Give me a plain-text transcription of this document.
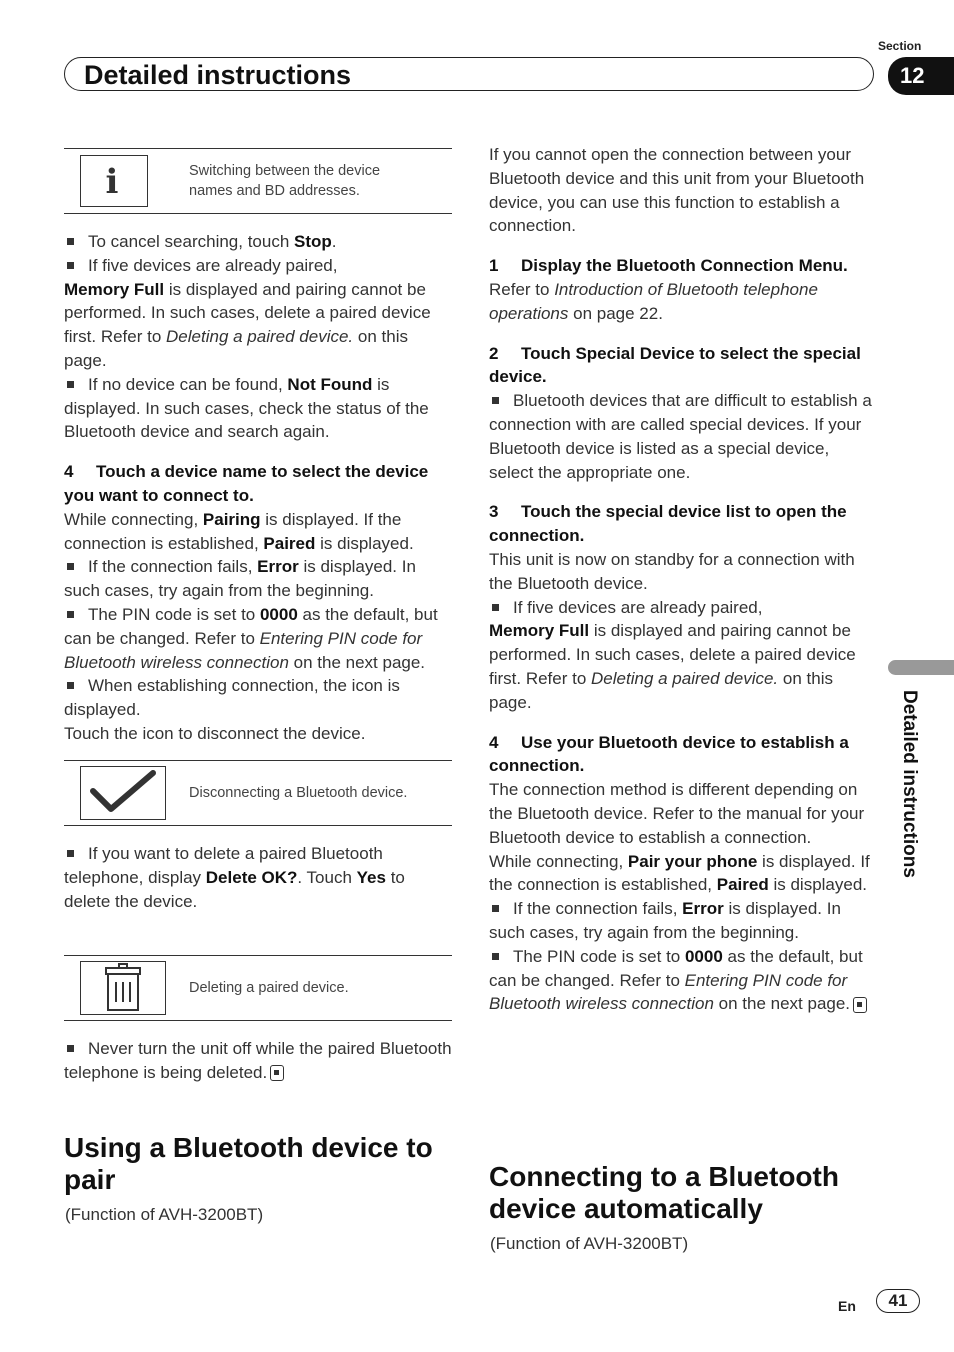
Detailed instructions
Section
12
Detailed instructions
i	Switching between the device names and BD addresses.

To cancel searching, touch Stop.

If five devices are already paired,

Memory Full is displayed and pairing cannot be performed. In such cases, delete a paired device first. Refer to Deleting a paired device. on this page.

If no device can be found, Not Found is displayed. In such cases, check the status of the Bluetooth device and search again.

4 Touch a device name to select the device you want to connect to.

While connecting, Pairing is displayed. If the connection is established, Paired is displayed.

If the connection fails, Error is displayed. In such cases, try again from the beginning.

The PIN code is set to 0000 as the default, but can be changed. Refer to Entering PIN code for Bluetooth wireless connection on the next page.

When establishing connection, the icon is displayed.

Touch the icon to disconnect the device.

Disconnecting a Bluetooth device.

If you want to delete a paired Bluetooth telephone, display Delete OK?. Touch Yes to delete the device.

Deleting a paired device.

Never turn the unit off while the paired Bluetooth telephone is being deleted.

Using a Bluetooth device to pair
(Function of AVH-3200BT)

If you cannot open the connection between your Bluetooth device and this unit from your Bluetooth device, you can use this function to establish a connection.

1 Display the Bluetooth Connection Menu.

Refer to Introduction of Bluetooth telephone operations on page 22.

2 Touch Special Device to select the special device.

Bluetooth devices that are difficult to establish a connection with are called special devices. If your Bluetooth device is listed as a special device, select the appropriate one.

3 Touch the special device list to open the connection.

This unit is now on standby for a connection with the Bluetooth device.

If five devices are already paired,

Memory Full is displayed and pairing cannot be performed. In such cases, delete a paired device first. Refer to Deleting a paired device. on this page.

4 Use your Bluetooth device to establish a connection.

The connection method is different depending on the Bluetooth device. Refer to the manual for your Bluetooth device to establish a connection.

While connecting, Pair your phone is displayed. If the connection is established, Paired is displayed.

If the connection fails, Error is displayed. In such cases, try again from the beginning.

The PIN code is set to 0000 as the default, but can be changed. Refer to Entering PIN code for Bluetooth wireless connection on the next page.

Connecting to a Bluetooth device automatically
(Function of AVH-3200BT)
En	41
